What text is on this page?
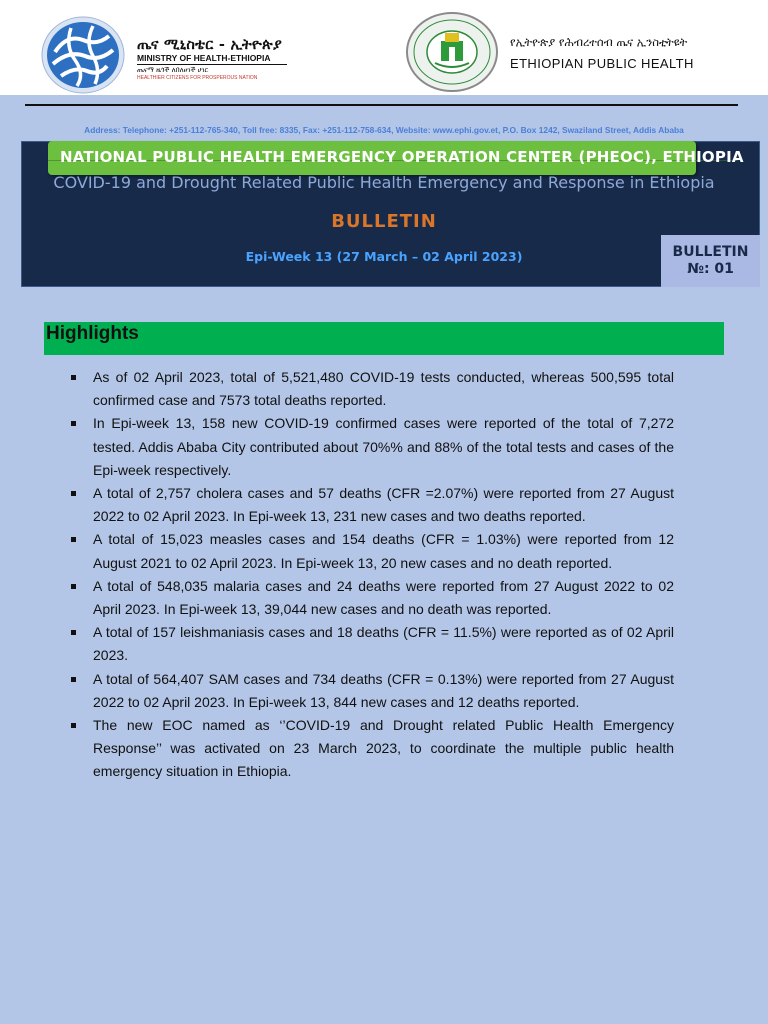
ጤና ሚኒስቴር - ኢትዮጵያ
MINISTRY OF HEALTH-ETHIOPIA
ጤናማ ዜጎች ለበለፀገች ሀገር
HEALTHIER CITIZENS FOR PROSPEROUS NATION
የኢትዮጵያ የሕብረተሰብ ጤና ኢንስቲትዩት
ETHIOPIAN PUBLIC HEALTH
Address: Telephone: +251-112-765-340, Toll free: 8335, Fax: +251-112-758-634, Website: www.ephi.gov.et, P.O. Box 1242, Swaziland Street, Addis Ababa
NATIONAL PUBLIC HEALTH EMERGENCY OPERATION CENTER (PHEOC), ETHIOPIA
COVID-19 and Drought Related Public Health Emergency and Response in Ethiopia
BULLETIN
Epi-Week 13 (27 March – 02 April 2023)	BULLETIN
№: 01
Highlights
As of 02 April 2023, total of 5,521,480 COVID-19 tests conducted, whereas 500,595 total confirmed case and 7573 total deaths reported.
In Epi-week 13, 158 new COVID-19 confirmed cases were reported of the total of 7,272 tested. Addis Ababa City contributed about 70%% and 88% of the total tests and cases of the Epi-week respectively.
A total of 2,757 cholera cases and 57 deaths (CFR =2.07%) were reported from 27 August 2022 to 02 April 2023. In Epi-week 13, 231 new cases and two deaths reported.
A total of 15,023 measles cases and 154 deaths (CFR = 1.03%) were reported from 12 August 2021 to 02 April 2023. In Epi-week 13, 20 new cases and no death reported.
A total of 548,035 malaria cases and 24 deaths were reported from 27 August 2022 to 02 April 2023. In Epi-week 13, 39,044 new cases and no death was reported.
A total of 157 leishmaniasis cases and 18 deaths (CFR = 11.5%) were reported as of 02 April 2023.
A total of 564,407 SAM cases and 734 deaths (CFR = 0.13%) were reported from 27 August 2022 to 02 April 2023. In Epi-week 13, 844 new cases and 12 deaths reported.
The new EOC named as ‘’COVID-19 and Drought related Public Health Emergency Response’’ was activated on 23 March 2023, to coordinate the multiple public health emergency situation in Ethiopia.
